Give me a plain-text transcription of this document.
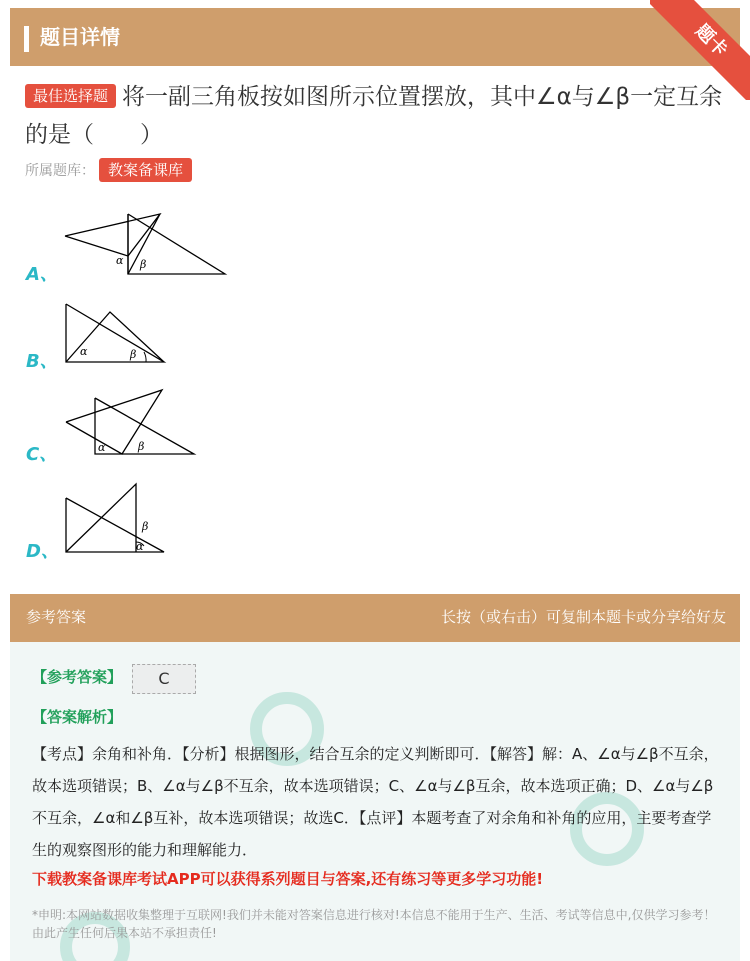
题目详情	题卡
最佳选择题 将一副三角板按如图所示位置摆放，其中∠α与∠β一定互余的是（　　）
所属题库： 教案备课库
A、
α β
B、 α	β
C、	α	β
D、
β
α
参考答案	长按（或右击）可复制本题卡或分享给好友
【参考答案】	C
【答案解析】
【考点】余角和补角．【分析】根据图形，结合互余的定义判断即可．【解答】解：A、∠α与∠β不互余，故本选项错误；B、∠α与∠β不互余，故本选项错误；C、∠α与∠β互余，故本选项正确；D、∠α与∠β不互余，∠α和∠β互补，故本选项错误；故选C．【点评】本题考查了对余角和补角的应用，主要考查学生的观察图形的能力和理解能力．
下载教案备课库考试APP可以获得系列题目与答案,还有练习等更多学习功能!
*申明:本网站数据收集整理于互联网!我们并未能对答案信息进行核对!本信息不能用于生产、生活、考试等信息中,仅供学习参考！由此产生任何后果本站不承担责任!
